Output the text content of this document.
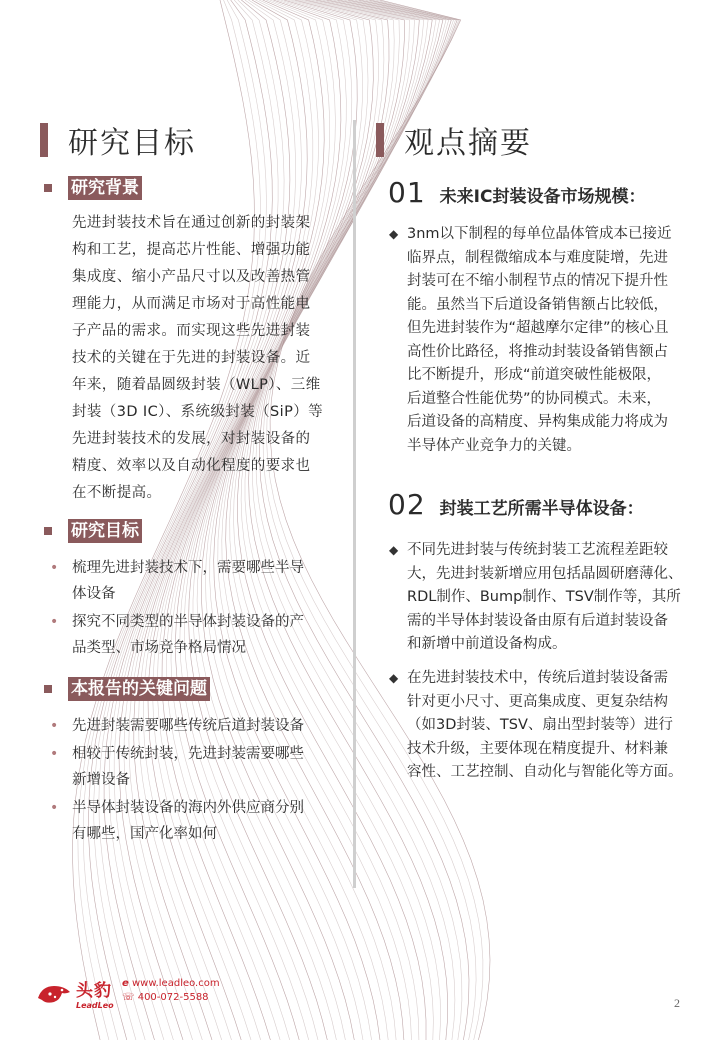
研究目标
研究背景
先进封装技术旨在通过创新的封装架
构和工艺，提高芯片性能、增强功能
集成度、缩小产品尺寸以及改善热管
理能力，从而满足市场对于高性能电
子产品的需求。而实现这些先进封装
技术的关键在于先进的封装设备。近
年来，随着晶圆级封装（WLP）、三维
封装（3D IC）、系统级封装（SiP）等
先进封装技术的发展，对封装设备的
精度、效率以及自动化程度的要求也
在不断提高。
研究目标
• 梳理先进封装技术下，需要哪些半导
体设备
• 探究不同类型的半导体封装设备的产
品类型、市场竞争格局情况
本报告的关键问题
• 先进封装需要哪些传统后道封装设备
• 相较于传统封装，先进封装需要哪些
新增设备
• 半导体封装设备的海内外供应商分别
有哪些，国产化率如何
观点摘要
01 未来IC封装设备市场规模：
◆ 3nm以下制程的每单位晶体管成本已接近
临界点，制程微缩成本与难度陡增，先进
封装可在不缩小制程节点的情况下提升性
能。虽然当下后道设备销售额占比较低，
但先进封装作为“超越摩尔定律”的核心且
高性价比路径，将推动封装设备销售额占
比不断提升，形成“前道突破性能极限，
后道整合性能优势”的协同模式。未来，
后道设备的高精度、异构集成能力将成为
半导体产业竞争力的关键。
02 封装工艺所需半导体设备：
◆ 不同先进封装与传统封装工艺流程差距较
大，先进封装新增应用包括晶圆研磨薄化、
RDL制作、Bump制作、TSV制作等，其所
需的半导体封装设备由原有后道封装设备
和新增中前道设备构成。
◆ 在先进封装技术中，传统后道封装设备需
针对更小尺寸、更高集成度、更复杂结构
（如3D封装、TSV、扇出型封装等）进行
技术升级，主要体现在精度提升、材料兼
容性、工艺控制、自动化与智能化等方面。
头豹
LeadLeo
e www.leadleo.com
☏ 400-072-5588	2
